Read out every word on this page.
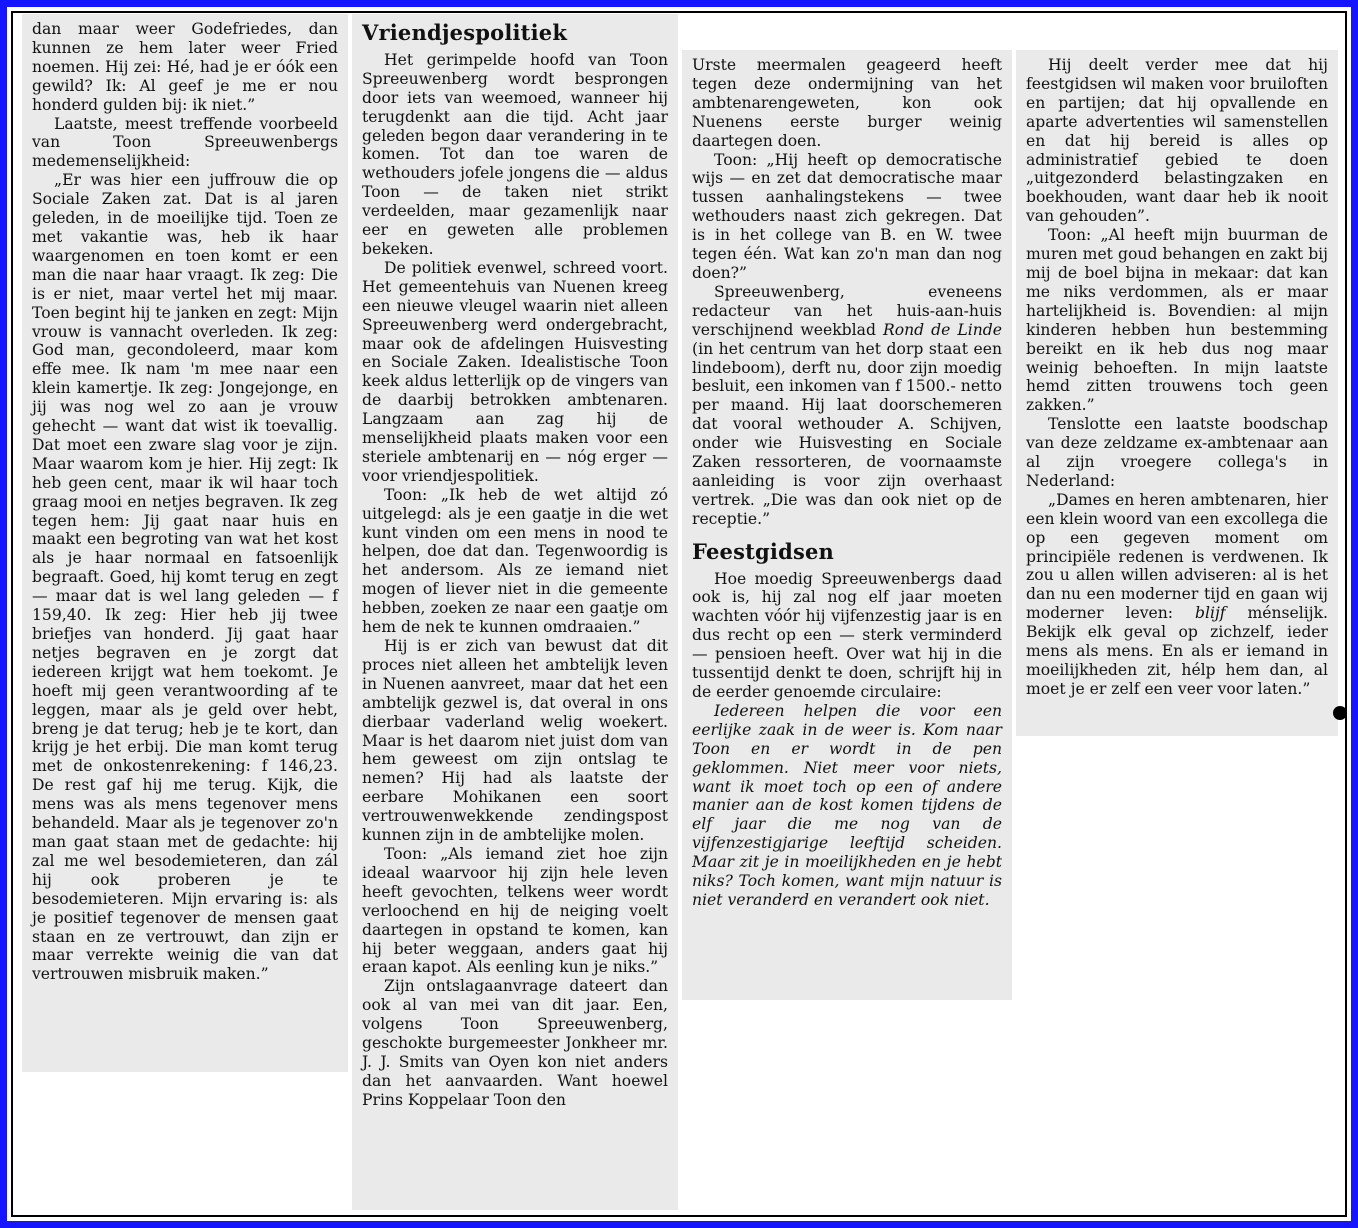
dan maar weer Godefriedes, dan kunnen ze hem later weer Fried noemen. Hij zei: Hé, had je er óók een gewild? Ik: Al geef je me er nou honderd gulden bij: ik niet.”

Laatste, meest treffende voorbeeld van Toon Spreeuwenbergs medemenselijkheid:

„Er was hier een juffrouw die op Sociale Zaken zat. Dat is al jaren geleden, in de moeilijke tijd. Toen ze met vakantie was, heb ik haar waargenomen en toen komt er een man die naar haar vraagt. Ik zeg: Die is er niet, maar vertel het mij maar. Toen begint hij te janken en zegt: Mijn vrouw is vannacht overleden. Ik zeg: God man, gecondoleerd, maar kom effe mee. Ik nam 'm mee naar een klein kamertje. Ik zeg: Jongejonge, en jij was nog wel zo aan je vrouw gehecht — want dat wist ik toevallig. Dat moet een zware slag voor je zijn. Maar waarom kom je hier. Hij zegt: Ik heb geen cent, maar ik wil haar toch graag mooi en netjes begraven. Ik zeg tegen hem: Jij gaat naar huis en maakt een begroting van wat het kost als je haar normaal en fatsoenlijk begraaft. Goed, hij komt terug en zegt — maar dat is wel lang geleden — f 159,40. Ik zeg: Hier heb jij twee briefjes van honderd. Jij gaat haar netjes begraven en je zorgt dat iedereen krijgt wat hem toekomt. Je hoeft mij geen verantwoording af te leggen, maar als je geld over hebt, breng je dat terug; heb je te kort, dan krijg je het erbij. Die man komt terug met de onkostenrekening: f 146,23. De rest gaf hij me terug. Kijk, die mens was als mens tegenover mens behandeld. Maar als je tegenover zo'n man gaat staan met de gedachte: hij zal me wel besodemieteren, dan zál hij ook proberen je te besodemieteren. Mijn ervaring is: als je positief tegenover de mensen gaat staan en ze vertrouwt, dan zijn er maar verrekte weinig die van dat vertrouwen misbruik maken.”

Vriendjespolitiek

Het gerimpelde hoofd van Toon Spreeuwenberg wordt besprongen door iets van weemoed, wanneer hij terugdenkt aan die tijd. Acht jaar geleden begon daar verandering in te komen. Tot dan toe waren de wethouders jofele jongens die — aldus Toon — de taken niet strikt verdeelden, maar gezamenlijk naar eer en geweten alle problemen bekeken.

De politiek evenwel, schreed voort. Het gemeentehuis van Nuenen kreeg een nieuwe vleugel waarin niet alleen Spreeuwenberg werd ondergebracht, maar ook de afdelingen Huisvesting en Sociale Zaken. Idealistische Toon keek aldus letterlijk op de vingers van de daarbij betrokken ambtenaren. Langzaam aan zag hij de menselijkheid plaats maken voor een steriele ambtenarij en — nóg erger — voor vriendjespolitiek.

Toon: „Ik heb de wet altijd zó uitgelegd: als je een gaatje in die wet kunt vinden om een mens in nood te helpen, doe dat dan. Tegenwoordig is het andersom. Als ze iemand niet mogen of liever niet in die gemeente hebben, zoeken ze naar een gaatje om hem de nek te kunnen omdraaien.”

Hij is er zich van bewust dat dit proces niet alleen het ambtelijk leven in Nuenen aanvreet, maar dat het een ambtelijk gezwel is, dat overal in ons dierbaar vaderland welig woekert. Maar is het daarom niet juist dom van hem geweest om zijn ontslag te nemen? Hij had als laatste der eerbare Mohikanen een soort vertrouwenwekkende zendingspost kunnen zijn in de ambtelijke molen.

Toon: „Als iemand ziet hoe zijn ideaal waarvoor hij zijn hele leven heeft gevochten, telkens weer wordt verloochend en hij de neiging voelt daartegen in opstand te komen, kan hij beter weggaan, anders gaat hij eraan kapot. Als eenling kun je niks.”

Zijn ontslagaanvrage dateert dan ook al van mei van dit jaar. Een, volgens Toon Spreeuwenberg, geschokte burgemeester Jonkheer mr. J. J. Smits van Oyen kon niet anders dan het aanvaarden. Want hoewel Prins Koppelaar Toon den

Urste meermalen geageerd heeft tegen deze ondermijning van het ambtenarengeweten, kon ook Nuenens eerste burger weinig daartegen doen.

Toon: „Hij heeft op democratische wijs — en zet dat democratische maar tussen aanhalingstekens — twee wethouders naast zich gekregen. Dat is in het college van B. en W. twee tegen één. Wat kan zo'n man dan nog doen?”

Spreeuwenberg, eveneens redacteur van het huis-aan-huis verschijnend weekblad Rond de Linde (in het centrum van het dorp staat een lindeboom), derft nu, door zijn moedig besluit, een inkomen van f 1500.- netto per maand. Hij laat doorschemeren dat vooral wethouder A. Schijven, onder wie Huisvesting en Sociale Zaken ressorteren, de voornaamste aanleiding is voor zijn overhaast vertrek. „Die was dan ook niet op de receptie.”

Feestgidsen

Hoe moedig Spreeuwenbergs daad ook is, hij zal nog elf jaar moeten wachten vóór hij vijfenzestig jaar is en dus recht op een — sterk verminderd — pensioen heeft. Over wat hij in die tussentijd denkt te doen, schrijft hij in de eerder genoemde circulaire:

Iedereen helpen die voor een eerlijke zaak in de weer is. Kom naar Toon en er wordt in de pen geklommen. Niet meer voor niets, want ik moet toch op een of andere manier aan de kost komen tijdens de elf jaar die me nog van de vijfenzestigjarige leeftijd scheiden. Maar zit je in moeilijkheden en je hebt niks? Toch komen, want mijn natuur is niet veranderd en verandert ook niet.

Hij deelt verder mee dat hij feestgidsen wil maken voor bruiloften en partijen; dat hij opvallende en aparte advertenties wil samenstellen en dat hij bereid is alles op administratief gebied te doen „uitgezonderd belastingzaken en boekhouden, want daar heb ik nooit van gehouden”.

Toon: „Al heeft mijn buurman de muren met goud behangen en zakt bij mij de boel bijna in mekaar: dat kan me niks verdommen, als er maar hartelijkheid is. Bovendien: al mijn kinderen hebben hun bestemming bereikt en ik heb dus nog maar weinig behoeften. In mijn laatste hemd zitten trouwens toch geen zakken.”

Tenslotte een laatste boodschap van deze zeldzame ex-ambtenaar aan al zijn vroegere collega's in Nederland:

„Dames en heren ambtenaren, hier een klein woord van een excollega die op een gegeven moment om principiële redenen is verdwenen. Ik zou u allen willen adviseren: al is het dan nu een moderner tijd en gaan wij moderner leven: blijf ménselijk. Bekijk elk geval op zichzelf, ieder mens als mens. En als er iemand in moeilijkheden zit, hélp hem dan, al moet je er zelf een veer voor laten.”
